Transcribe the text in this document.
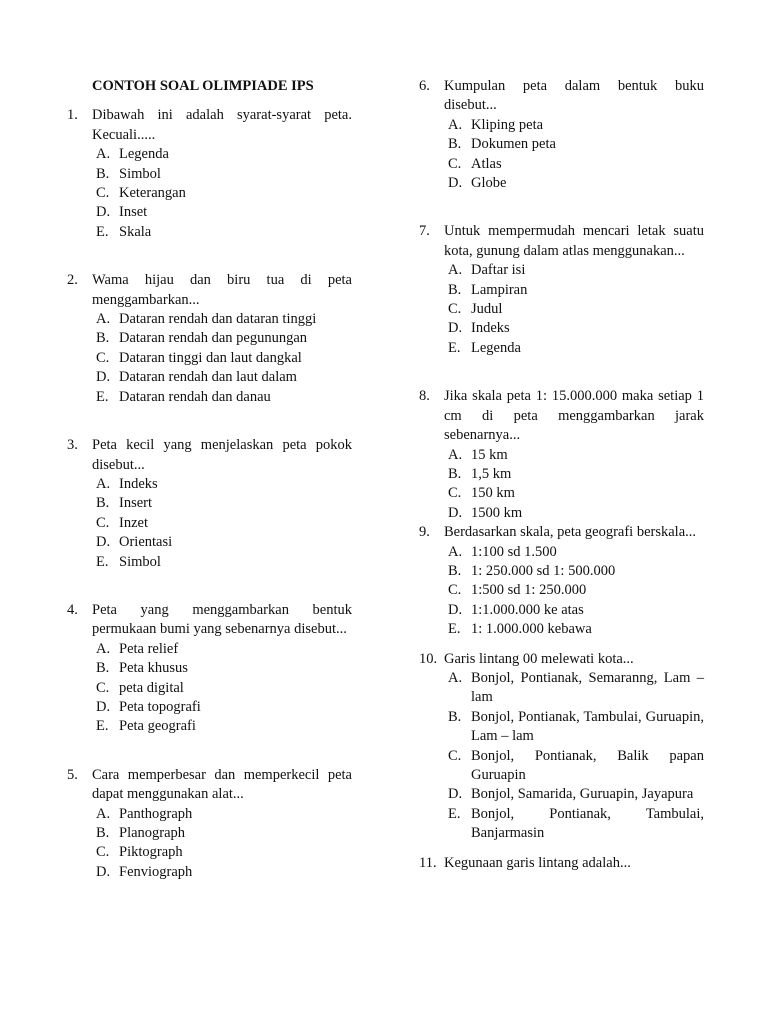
CONTOH SOAL OLIMPIADE IPS
1. Dibawah ini adalah syarat-syarat peta. Kecuali.....
A. Legenda
B. Simbol
C. Keterangan
D. Inset
E. Skala
2. Wama hijau dan biru tua di peta menggambarkan...
A. Dataran rendah dan dataran tinggi
B. Dataran rendah dan pegunungan
C. Dataran tinggi dan laut dangkal
D. Dataran rendah dan laut dalam
E. Dataran rendah dan danau
3. Peta kecil yang menjelaskan peta pokok disebut...
A. Indeks
B. Insert
C. Inzet
D. Orientasi
E. Simbol
4. Peta yang menggambarkan bentuk permukaan bumi yang sebenarnya disebut...
A. Peta relief
B. Peta khusus
C. peta digital
D. Peta topografi
E. Peta geografi
5. Cara memperbesar dan memperkecil peta dapat menggunakan alat...
A. Panthograph
B. Planograph
C. Piktograph
D. Fenviograph
6. Kumpulan peta dalam bentuk buku disebut...
A. Kliping peta
B. Dokumen peta
C. Atlas
D. Globe
7. Untuk mempermudah mencari letak suatu kota, gunung dalam atlas menggunakan...
A. Daftar isi
B. Lampiran
C. Judul
D. Indeks
E. Legenda
8. Jika skala peta 1: 15.000.000 maka setiap 1 cm di peta menggambarkan jarak sebenarnya...
A. 15 km
B. 1,5 km
C. 150 km
D. 1500 km
9. Berdasarkan skala, peta geografi berskala...
A. 1:100 sd 1.500
B. 1: 250.000 sd 1: 500.000
C. 1:500 sd 1: 250.000
D. 1:1.000.000 ke atas
E. 1: 1.000.000 kebawa
10. Garis lintang 00 melewati kota...
A. Bonjol, Pontianak, Semaranng, Lam – lam
B. Bonjol, Pontianak, Tambulai, Guruapin, Lam – lam
C. Bonjol, Pontianak, Balik papan Guruapin
D. Bonjol, Samarida, Guruapin, Jayapura
E. Bonjol, Pontianak, Tambulai, Banjarmasin
11. Kegunaan garis lintang adalah...
